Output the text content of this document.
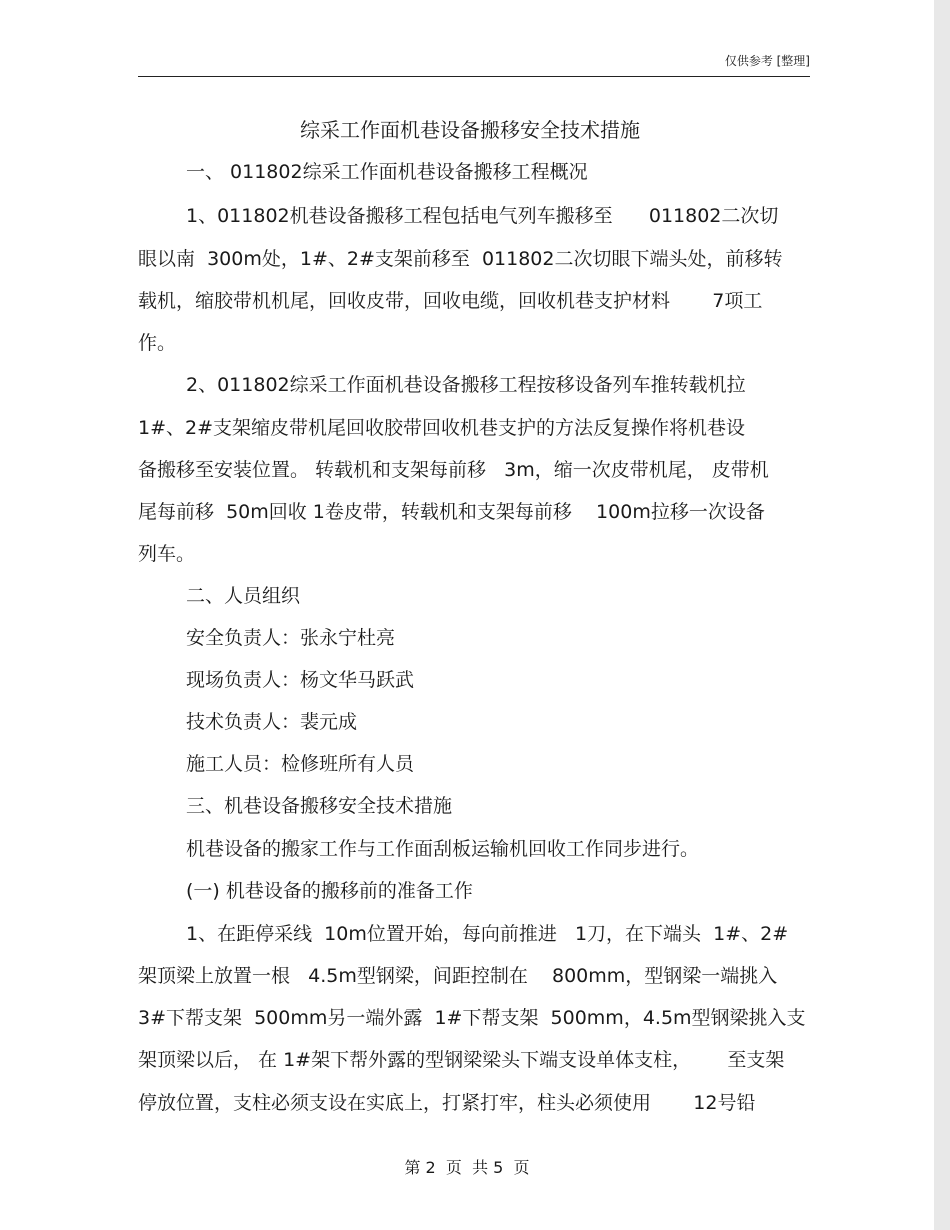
仅供参考 [整理]
综采工作面机巷设备搬移安全技术措施
一、 011802综采工作面机巷设备搬移工程概况
1、011802机巷设备搬移工程包括电气列车搬移至      011802二次切
眼以南  300m处，1#、2#支架前移至  011802二次切眼下端头处，前移转
载机，缩胶带机机尾，回收皮带，回收电缆，回收机巷支护材料       7项工
作。
2、011802综采工作面机巷设备搬移工程按移设备列车推转载机拉
1#、2#支架缩皮带机尾回收胶带回收机巷支护的方法反复操作将机巷设
备搬移至安装位置。 转载机和支架每前移   3m，缩一次皮带机尾， 皮带机
尾每前移  50m回收 1卷皮带，转载机和支架每前移    100m拉移一次设备
列车。
二、人员组织
安全负责人：张永宁杜亮
现场负责人：杨文华马跃武
技术负责人：裴元成
施工人员：检修班所有人员
三、机巷设备搬移安全技术措施
机巷设备的搬家工作与工作面刮板运输机回收工作同步进行。
(一) 机巷设备的搬移前的准备工作
1、在距停采线  10m位置开始，每向前推进   1刀，在下端头  1#、2#
架顶梁上放置一根   4.5m型钢梁，间距控制在    800mm，型钢梁一端挑入
3#下帮支架  500mm另一端外露  1#下帮支架  500mm，4.5m型钢梁挑入支
架顶梁以后， 在 1#架下帮外露的型钢梁梁头下端支设单体支柱，      至支架
停放位置，支柱必须支设在实底上，打紧打牢，柱头必须使用       12号铅
第 2  页  共 5  页
